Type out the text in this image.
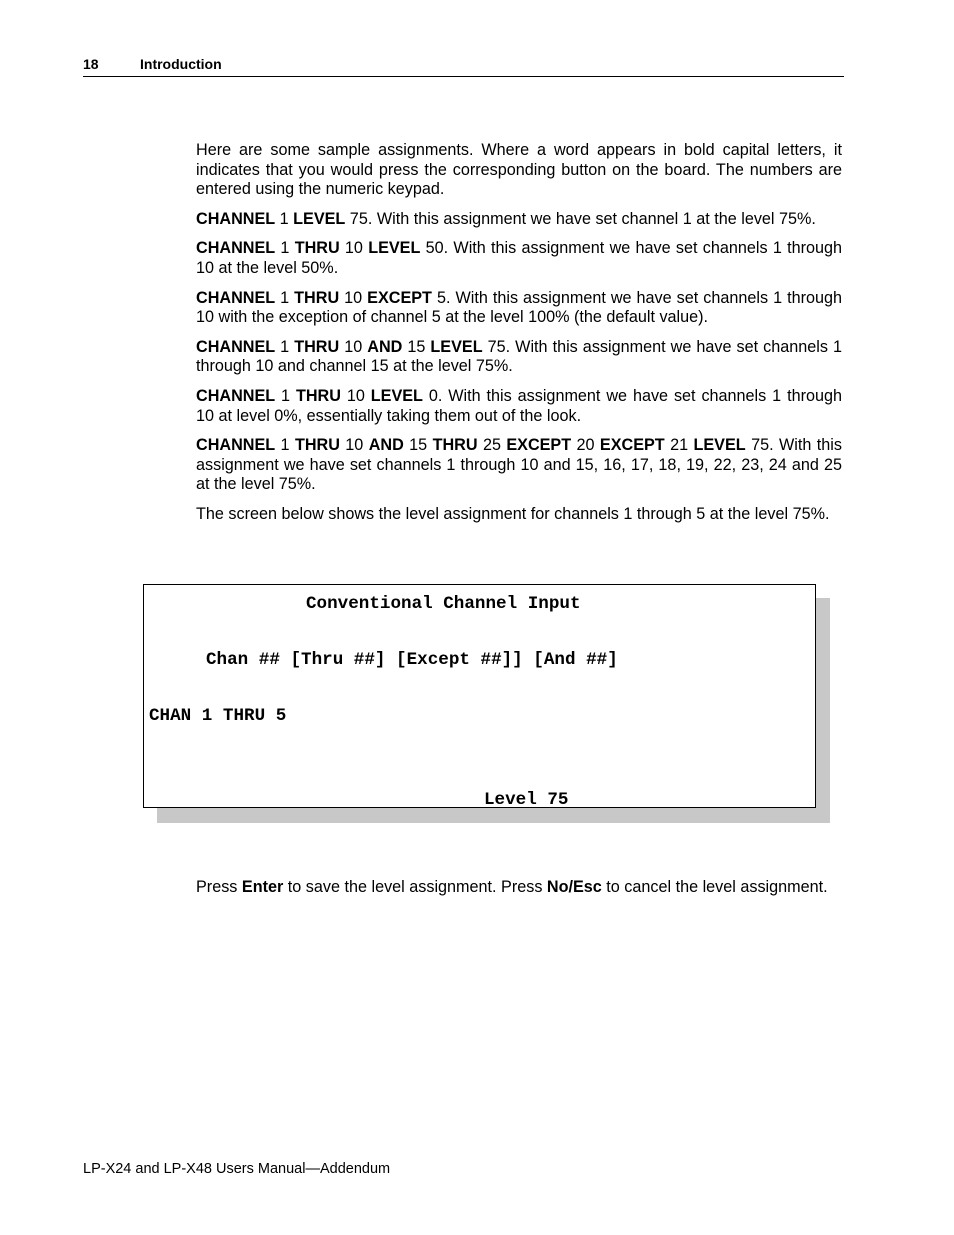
18	Introduction

Here are some sample assignments. Where a word appears in bold capital letters, it indicates that you would press the corresponding button on the board. The numbers are entered using the numeric keypad.

CHANNEL 1 LEVEL 75. With this assignment we have set channel 1 at the level 75%.

CHANNEL 1 THRU 10 LEVEL 50. With this assignment we have set channels 1 through 10 at the level 50%.

CHANNEL 1 THRU 10 EXCEPT 5. With this assignment we have set channels 1 through 10 with the exception of channel 5 at the level 100% (the default value).

CHANNEL 1 THRU 10 AND 15 LEVEL 75. With this assignment we have set channels 1 through 10 and channel 15 at the level 75%.

CHANNEL 1 THRU 10 LEVEL 0. With this assignment we have set channels 1 through 10 at level 0%, essentially taking them out of the look.

CHANNEL 1 THRU 10 AND 15 THRU 25 EXCEPT 20 EXCEPT 21 LEVEL 75. With this assignment we have set channels 1 through 10 and 15, 16, 17, 18, 19, 22, 23, 24 and 25 at the level 75%.

The screen below shows the level assignment for channels 1 through 5 at the level 75%.

Conventional Channel Input
Chan ## [Thru ##] [Except ##]] [And ##]
CHAN 1 THRU 5
Level 75

Press Enter to save the level assignment. Press No/Esc to cancel the level assignment.

LP-X24 and LP-X48 Users Manual—Addendum
